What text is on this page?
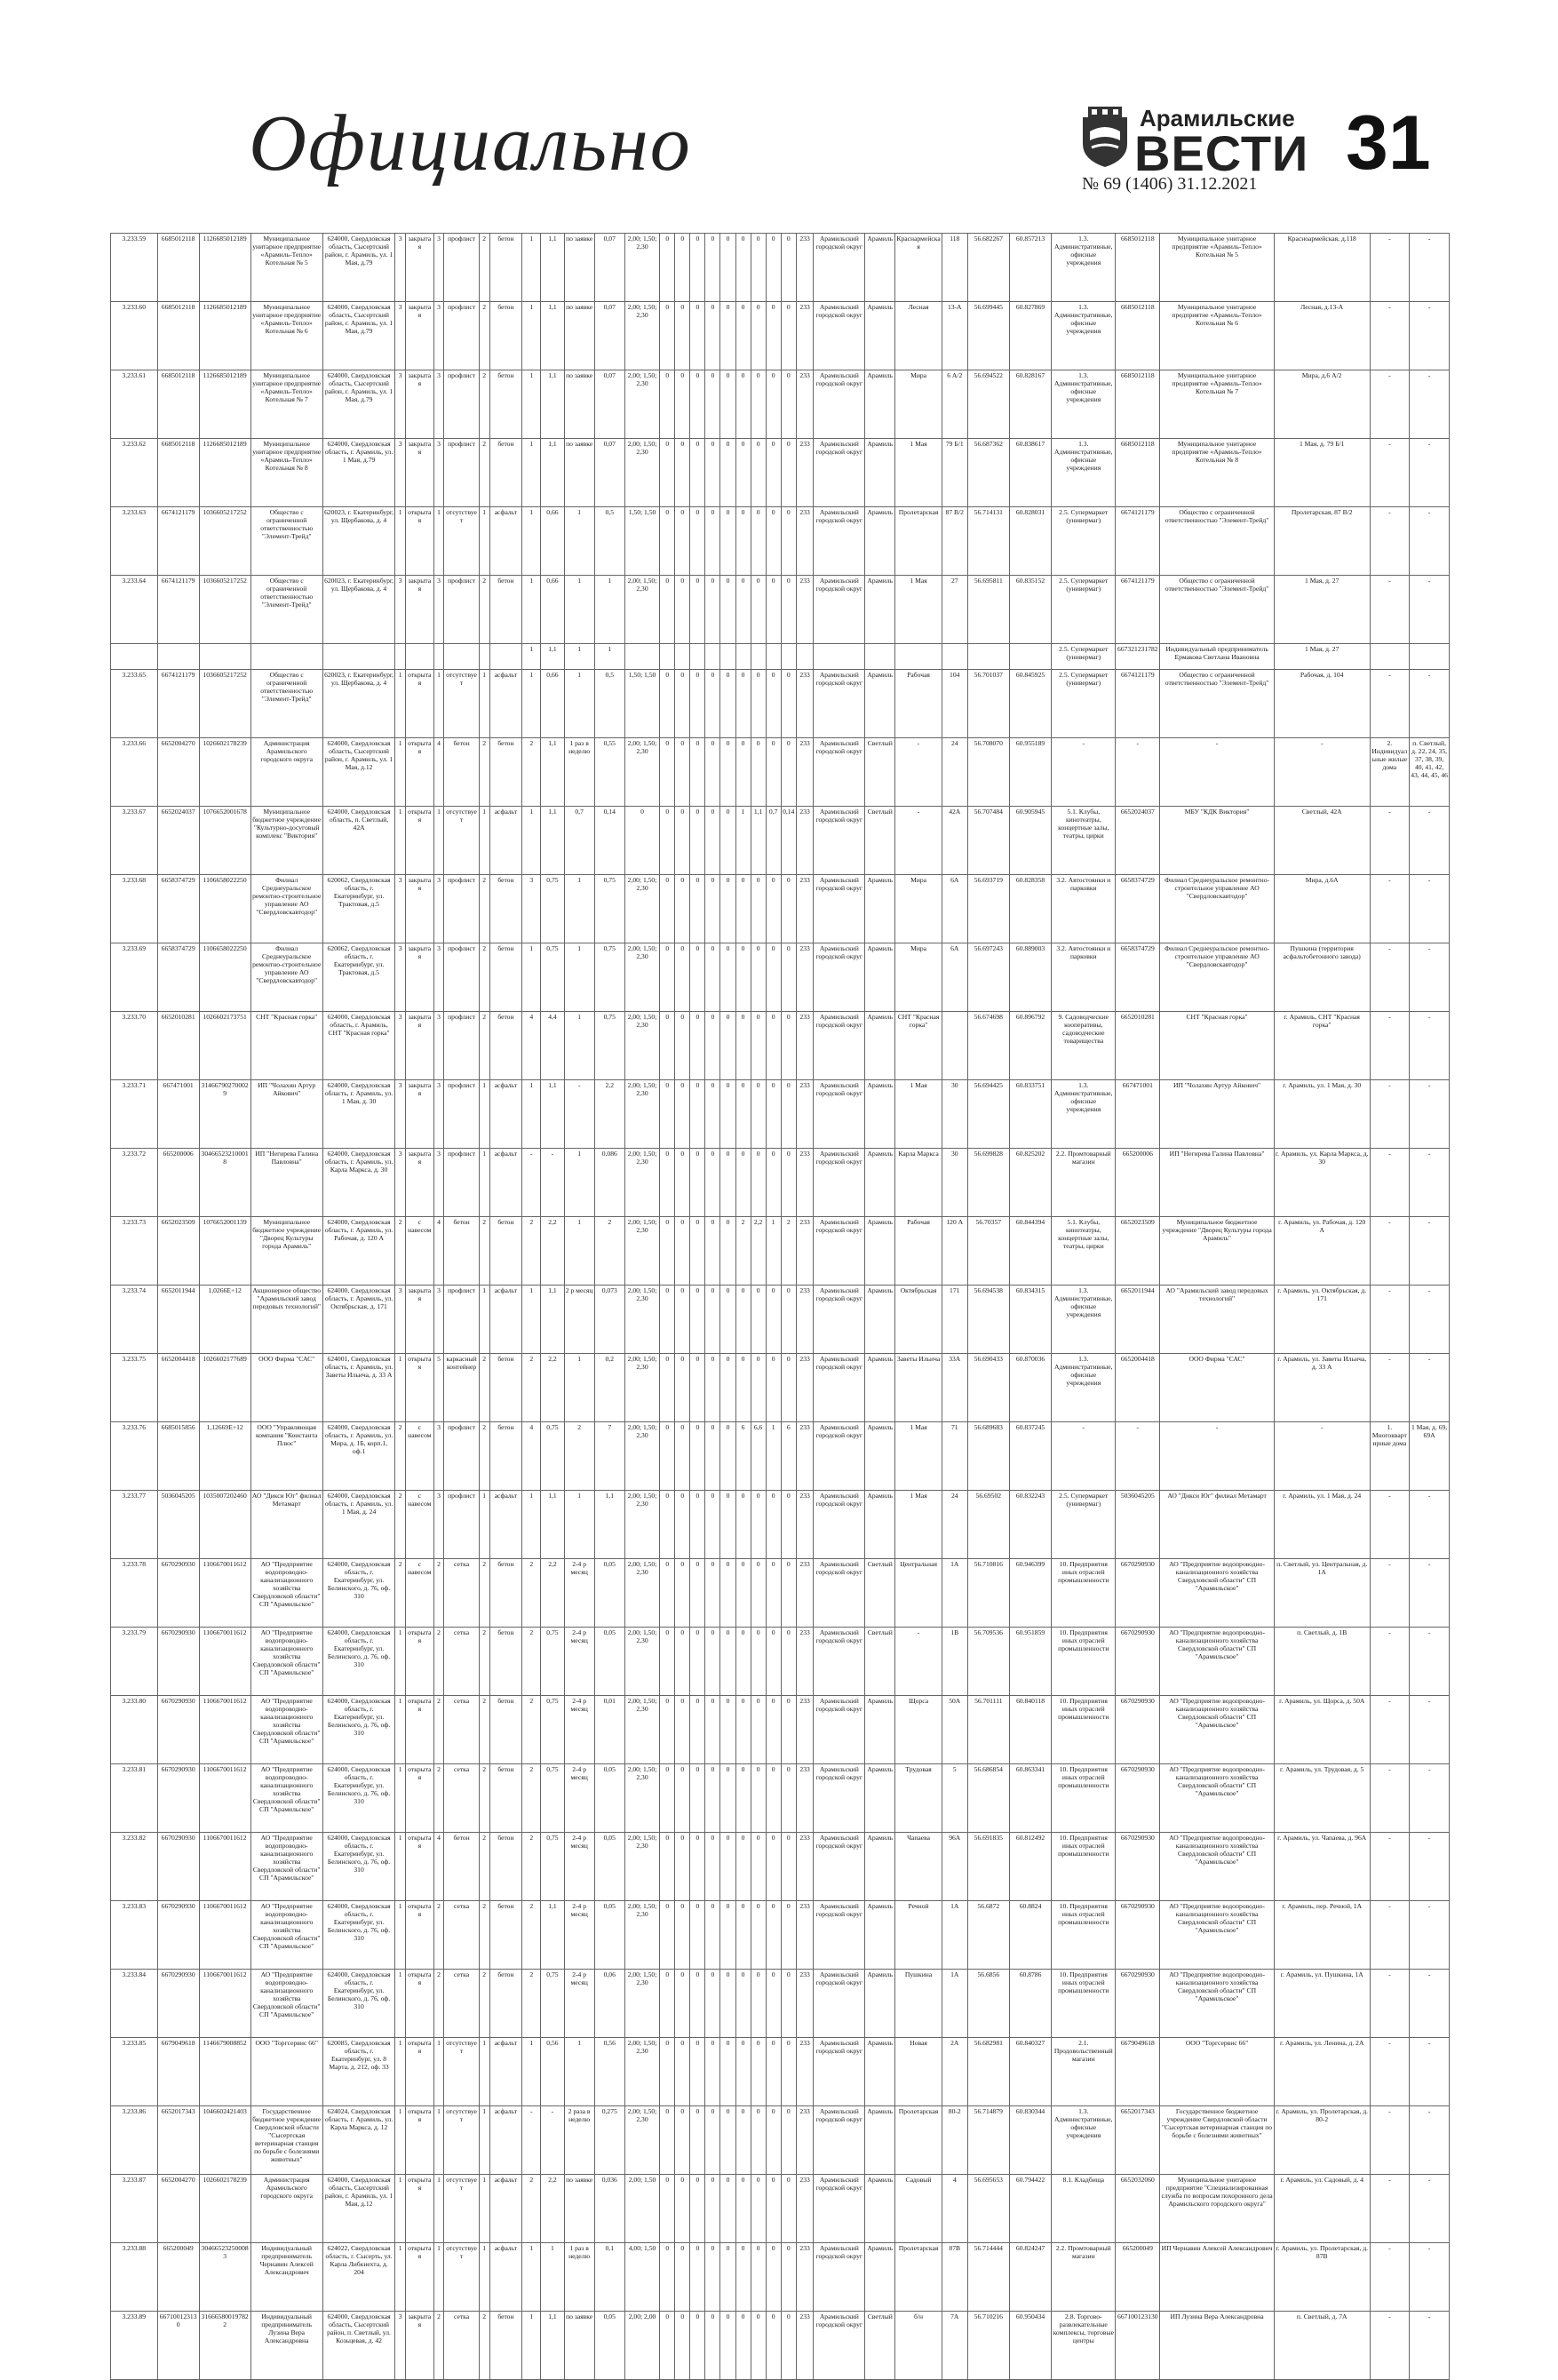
Официально	Арамильские
ВЕСТИ 31
№ 69 (1406) 31.12.2021
3.233.59	6685012118	1126685012189	Муниципальное унитарное предприятие «Арамиль-Тепло» Котельная № 5	624000, Свердловская область, Сысертский район, г. Арамиль, ул. 1 Мая, д.79	3	закрытая	3	профлист	2	бетон	1	1,1	по заявке	0,07	2,00; 1,50; 2,30	0	0	0	0	0	0	0	0	0	233	Арамильский городской округ	Арамиль	Краснармейская	118	56.682267	60.857213	1.3. Административные, офисные учреждения	6685012118	Муниципальное унитарное предприятие «Арамиль-Тепло» Котельная № 5	Красноармейская, д.118	-	-
3.233.60	6685012118	1126685012189	Муниципальное унитарное предприятие «Арамиль-Тепло» Котельная № 6	624000, Свердловская область, Сысертский район, г. Арамиль, ул. 1 Мая, д.79	3	закрытая	3	профлист	2	бетон	1	1,1	по заявке	0,07	2,00; 1,50; 2,30	0	0	0	0	0	0	0	0	0	233	Арамильский городской округ	Арамиль	Лесная	13-А	56.699445	60.827869	1.3. Административные, офисные учреждения	6685012118	Муниципальное унитарное предприятие «Арамиль-Тепло» Котельная № 6	Лесная, д.13-А	-	-
3.233.61	6685012118	1126685012189	Муниципальное унитарное предприятие «Арамиль-Тепло» Котельная № 7	624000, Свердловская область, Сысертский район, г. Арамиль, ул. 1 Мая, д.79	3	закрытая	3	профлист	2	бетон	1	1,1	по заявке	0,07	2,00; 1,50; 2,30	0	0	0	0	0	0	0	0	0	233	Арамильский городской округ	Арамиль	Мира	6 А/2	56.694522	60.828167	1.3. Административные, офисные учреждения	6685012118	Муниципальное унитарное предприятие «Арамиль-Тепло» Котельная № 7	Мира, д.6 А/2	-	-
3.233.62	6685012118	1126685012189	Муниципальное унитарное предприятие «Арамиль-Тепло» Котельная № 8	624000, Свердловская область, г. Арамиль, ул. 1 Мая, д.79	3	закрытая	3	профлист	2	бетон	1	1,1	по заявке	0,07	2,00; 1,50; 2,30	0	0	0	0	0	0	0	0	0	233	Арамильский городской округ	Арамиль	1 Мая	79 Б/1	56.687362	60.838617	1.3. Административные, офисные учреждения	6685012118	Муниципальное унитарное предприятие «Арамиль-Тепло» Котельная № 8	1 Мая, д. 79 Б/1	-	-
3.233.63	6674121179	1036605217252	Общество с ограниченной ответственностью "Элемент-Трейд"	620023, г. Екатеринбург, ул. Щербакова, д. 4	1	открытая	1	отсутствует	1	асфальт	1	0,66	1	0,5	1,50; 1,50	0	0	0	0	0	0	0	0	0	233	Арамильский городской округ	Арамиль	Пролетарская	87 В/2	56.714131	60.828031	2.5. Супермаркет (универмаг)	6674121179	Общество с ограниченной ответственностью "Элемент-Трейд"	Пролетарская, 87 В/2	-	-
3.233.64	6674121179	1036605217252	Общество с ограниченной ответственностью "Элемент-Трейд"	620023, г. Екатеринбург, ул. Щербакова, д. 4	3	закрытая	3	профлист	2	бетон	1	0,66	1	1	2,00; 1,50; 2,30	0	0	0	0	0	0	0	0	0	233	Арамильский городской округ	Арамиль	1 Мая	27	56.695811	60.835152	2.5. Супермаркет (универмаг)	6674121179	Общество с ограниченной ответственностью "Элемент-Трейд"	1 Мая, д. 27	-	-
											1	1,1	1	1																		2.5. Супермаркет (универмаг)	667321231782	Индивидуальный предприниматель Ермакова Светлана Ивановна	1 Мая, д. 27		
3.233.65	6674121179	1036605217252	Общество с ограниченной ответственностью "Элемент-Трейд"	620023, г. Екатеринбург, ул. Щербакова, д. 4	1	открытая	1	отсутствует	1	асфальт	1	0,66	1	0,5	1,50; 1,50	0	0	0	0	0	0	0	0	0	233	Арамильский городской округ	Арамиль	Рабочая	104	56.701037	60.845925	2.5. Супермаркет (универмаг)	6674121179	Общество с ограниченной ответственностью "Элемент-Трейд"	Рабочая, д. 104	-	-
3.233.66	6652004270	1026602178239	Администрация Арамильского городского округа	624000, Свердловская область, Сысертский район, г. Арамиль, ул. 1 Мая, д.12	1	открытая	4	бетон	2	бетон	2	1,1	1 раз в неделю	0,55	2,00; 1,50; 2,30	0	0	0	0	0	0	0	0	0	233	Арамильский городской округ	Светлый	-	24	56.708070	60.955189	-	-	-	-	2. Индивидуальные жилые дома	п. Светлый, д. 22, 24, 35, 37, 38, 39, 40, 41, 42, 43, 44, 45, 46
3.233.67	6652024037	1076652001678	Муниципальное бюджетное учреждение "Культурно-досуговый комплекс "Виктория"	624000, Свердловская область, п. Светлый, 42А	1	открытая	1	отсутствует	1	асфальт	1	1,1	0,7	0,14	0	0	0	0	0	0	1	1,1	0,7	0,14	233	Арамильский городской округ	Светлый	-	42А	56.707484	60.905945	5.1. Клубы, кинотеатры, концертные залы, театры, цирки	6652024037	МБУ "КДК Виктория"	Светлый, 42А	-	-
3.233.68	6658374729	1106658022250	Филиал Среднеуральское ремонтно-строительное управление АО "Свердловскавтодор"	620062, Свердловская область, г. Екатеринбург, ул. Трактовая, д.5	3	закрытая	3	профлист	2	бетон	3	0,75	1	0,75	2,00; 1,50; 2,30	0	0	0	0	0	0	0	0	0	233	Арамильский городской округ	Арамиль	Мира	6А	56.693719	60.828358	3.2. Автостоянки и парковки	6658374729	Филиал Среднеуральское ремонтно-строительное управление АО "Свердловскавтодор"	Мира, д.6А	-	-
3.233.69	6658374729	1106658022250	Филиал Среднеуральское ремонтно-строительное управление АО "Свердловскавтодор"	620062, Свердловская область, г. Екатеринбург, ул. Трактовая, д.5	3	закрытая	3	профлист	2	бетон	1	0,75	1	0,75	2,00; 1,50; 2,30	0	0	0	0	0	0	0	0	0	233	Арамильский городской округ	Арамиль	Мира	6А	56.697243	60.889003	3.2. Автостоянки и парковки	6658374729	Филиал Среднеуральское ремонтно-строительное управление АО "Свердловскавтодор"	Пушкина (территория асфальтобетонного завода)	-	-
3.233.70	6652010281	1026602173751	СНТ "Красная горка"	624000, Свердловская область, г. Арамиль, СНТ "Красная горка"	3	закрытая	3	профлист	2	бетон	4	4,4	1	0,75	2,00; 1,50; 2,30	0	0	0	0	0	0	0	0	0	233	Арамильский городской округ	Арамиль	СНТ "Красная горка"		56.674698	60.896792	9. Садоводческие кооперативы, садоводческие товарищества	6652010281	СНТ "Красная горка"	г. Арамиль, СНТ "Красная горка"	-	-
3.233.71	667471001	314667902700029	ИП "Чолахян Артур Айкович"	624000, Свердловская область, г. Арамиль, ул. 1 Мая, д. 30	3	закрытая	3	профлист	1	асфальт	1	1,1	-	2,2	2,00; 1,50; 2,30	0	0	0	0	0	0	0	0	0	233	Арамильский городской округ	Арамиль	1 Мая	30	56.694425	60.833751	1.3. Административные, офисные учреждения	667471001	ИП "Чолахян Артур Айкович"	г. Арамиль, ул. 1 Мая, д. 30	-	-
3.233.72	665200006	304665232100018	ИП "Негирева Галина Павловна"	624000, Свердловская область, г. Арамиль, ул. Карла Маркса, д. 30	3	закрытая	3	профлист	1	асфальт	-	-	1	0,086	2,00; 1,50; 2,30	0	0	0	0	0	0	0	0	0	233	Арамильский городской округ	Арамиль	Карла Маркса	30	56.699828	60.825202	2.2. Промтоварный магазин	665200006	ИП "Негирева Галина Павловна"	г. Арамиль, ул. Карла Маркса, д. 30	-	-
3.233.73	6652023509	1076652001139	Муниципальное бюджетное учреждение "Дворец Культуры города Арамиль"	624000, Свердловская область, г. Арамиль, ул. Рабочая, д. 120 А	2	с навесом	4	бетон	2	бетон	2	2,2	1	2	2,00; 1,50; 2,30	0	0	0	0	0	2	2,2	1	2	233	Арамильский городской округ	Арамиль	Рабочая	120 А	56.70357	60.844394	5.1. Клубы, кинотеатры, концертные залы, театры, цирки	6652023509	Муниципальное бюджетное учреждение "Дворец Культуры города Арамиль"	г. Арамиль, ул. Рабочая, д. 120 А	-	-
3.233.74	6652011944	1,0266E+12	Акционерное общество "Арамильский завод передовых технологий"	624000, Свердловская область, г. Арамиль, ул. Октябрьская, д. 171	3	закрытая	3	профлист	1	асфальт	1	1,1	2 р месяц	0,073	2,00; 1,50; 2,30	0	0	0	0	0	0	0	0	0	233	Арамильский городской округ	Арамиль	Октябрьская	171	56.694538	60.834315	1.3. Административные, офисные учреждения	6652011944	АО "Арамильский завод передовых технологий"	г. Арамиль, ул. Октябрьская, д. 171	-	-
3.233.75	6652004418	1026602177689	ООО Фирма "САС"	624001, Свердловская область, г. Арамиль, ул. Заветы Ильича, д. 33 А	1	открытая	5	каркасный контейнер	2	бетон	2	2,2	1	0,2	2,00; 1,50; 2,30	0	0	0	0	0	0	0	0	0	233	Арамильский городской округ	Арамиль	Заветы Ильича	33А	56.690433	60.870036	1.3. Административные, офисные учреждения	6652004418	ООО Фирма "САС"	г. Арамиль, ул. Заветы Ильича, д. 33 А	-	-
3.233.76	6685015856	1,12669E+12	ООО "Управляющая компания "Константа Плюс"	624000, Свердловская область, г. Арамиль, ул. Мира, д. 1Б, корп.1, оф.1	2	с навесом	3	профлист	2	бетон	4	0,75	2	7	2,00; 1,50; 2,30	0	0	0	0	0	6	6,6	1	6	233	Арамильский городской округ	Арамиль	1 Мая	71	56.689683	60.837245	-	-	-	-	1. Многоквартирные дома	1 Мая, д. 69, 69А
3.233.77	5036045205	1035007202460	АО "Дикси Юг" филиал Метамарт	624000, Свердловская область, г. Арамиль, ул. 1 Мая, д. 24	2	с навесом	3	профлист	1	асфальт	1	1,1	1	1,1	2,00; 1,50; 2,30	0	0	0	0	0	0	0	0	0	233	Арамильский городской округ	Арамиль	1 Мая	24	56.69502	60.832243	2.5. Супермаркет (универмаг)	5036045205	АО "Дикси Юг" филиал Метамарт	г. Арамиль, ул. 1 Мая, д. 24	-	-
3.233.78	6670290930	1106670011612	АО "Предприятие водопроводно-канализационного хозяйства Свердловской области" СП "Арамильское"	624000, Свердловская область, г. Екатеринбург, ул. Белинского, д. 76, оф. 310	2	с навесом	2	сетка	2	бетон	2	2,2	2-4 р месяц	0,05	2,00; 1,50; 2,30	0	0	0	0	0	0	0	0	0	233	Арамильский городской округ	Светлый	Центральная	1А	56.710816	60.946399	10. Предприятия иных отраслей промышленности	6670290930	АО "Предприятие водопроводно-канализационного хозяйства Свердловской области" СП "Арамильское"	п. Светлый, ул. Центральная, д. 1А	-	-
3.233.79	6670290930	1106670011612	АО "Предприятие водопроводно-канализационного хозяйства Свердловской области" СП "Арамильское"	624000, Свердловская область, г. Екатеринбург, ул. Белинского, д. 76, оф. 310	1	открытая	2	сетка	2	бетон	2	0,75	2-4 р месяц	0,05	2,00; 1,50; 2,30	0	0	0	0	0	0	0	0	0	233	Арамильский городской округ	Светлый	-	1В	56.709536	60.951859	10. Предприятия иных отраслей промышленности	6670290930	АО "Предприятие водопроводно-канализационного хозяйства Свердловской области" СП "Арамильское"	п. Светлый, д. 1В	-	-
3.233.80	6670290930	1106670011612	АО "Предприятие водопроводно-канализационного хозяйства Свердловской области" СП "Арамильское"	624000, Свердловская область, г. Екатеринбург, ул. Белинского, д. 76, оф. 310	1	открытая	2	сетка	2	бетон	2	0,75	2-4 р месяц	0,01	2,00; 1,50; 2,30	0	0	0	0	0	0	0	0	0	233	Арамильский городской округ	Арамиль	Щорса	50А	56.701111	60.840118	10. Предприятия иных отраслей промышленности	6670290930	АО "Предприятие водопроводно-канализационного хозяйства Свердловской области" СП "Арамильское"	г. Арамиль, ул. Щорса, д. 50А	-	-
3.233.81	6670290930	1106670011612	АО "Предприятие водопроводно-канализационного хозяйства Свердловской области" СП "Арамильское"	624000, Свердловская область, г. Екатеринбург, ул. Белинского, д. 76, оф. 310	1	открытая	2	сетка	2	бетон	2	0,75	2-4 р месяц	0,05	2,00; 1,50; 2,30	0	0	0	0	0	0	0	0	0	233	Арамильский городской округ	Арамиль	Трудовая	5	56.686854	60.863341	10. Предприятия иных отраслей промышленности	6670290930	АО "Предприятие водопроводно-канализационного хозяйства Свердловской области" СП "Арамильское"	г. Арамиль, ул. Трудовая, д. 5	-	-
3.233.82	6670290930	1106670011612	АО "Предприятие водопроводно-канализационного хозяйства Свердловской области" СП "Арамильское"	624000, Свердловская область, г. Екатеринбург, ул. Белинского, д. 76, оф. 310	1	открытая	4	бетон	2	бетон	2	0,75	2-4 р месяц	0,05	2,00; 1,50; 2,30	0	0	0	0	0	0	0	0	0	233	Арамильский городской округ	Арамиль	Чапаева	96А	56.691835	60.812492	10. Предприятия иных отраслей промышленности	6670290930	АО "Предприятие водопроводно-канализационного хозяйства Свердловской области" СП "Арамильское"	г. Арамиль, ул. Чапаева, д. 96А	-	-
3.233.83	6670290930	1106670011612	АО "Предприятие водопроводно-канализационного хозяйства Свердловской области" СП "Арамильское"	624000, Свердловская область, г. Екатеринбург, ул. Белинского, д. 76, оф. 310	1	открытая	2	сетка	2	бетон	2	1,1	2-4 р месяц	0,05	2,00; 1,50; 2,30	0	0	0	0	0	0	0	0	0	233	Арамильский городской округ	Арамиль	Речной	1А	56.6872	60.8824	10. Предприятия иных отраслей промышленности	6670290930	АО "Предприятие водопроводно-канализационного хозяйства Свердловской области" СП "Арамильское"	г. Арамиль, пер. Речной, 1А	-	-
3.233.84	6670290930	1106670011612	АО "Предприятие водопроводно-канализационного хозяйства Свердловской области" СП "Арамильское"	624000, Свердловская область, г. Екатеринбург, ул. Белинского, д. 76, оф. 310	1	открытая	2	сетка	2	бетон	2	0,75	2-4 р месяц	0,06	2,00; 1,50; 2,30	0	0	0	0	0	0	0	0	0	233	Арамильский городской округ	Арамиль	Пушкина	1А	56.6856	60.8786	10. Предприятия иных отраслей промышленности	6670290930	АО "Предприятие водопроводно-канализационного хозяйства Свердловской области" СП "Арамильское"	г. Арамиль, ул. Пушкина, 1А	-	-
3.233.85	6679049618	1146679008852	ООО "Торгсервис 66"	620085, Свердловская область, г. Екатеринбург, ул. 8 Марта, д. 212, оф. 33	1	открытая	1	отсутствует	1	асфальт	1	0,56	1	0,56	2,00; 1,50; 2,30	0	0	0	0	0	0	0	0	0	233	Арамильский городской округ	Арамиль	Новая	2А	56.682981	60.840327	2.1. Продовольственный магазин	6679049618	ООО "Торгсервис 66"	г. Арамиль, ул. Ленина, д. 2А	-	-
3.233.86	6652017343	1046602421403	Государственное бюджетное учреждение Свердловской области "Сысертская ветеринарная станция по борьбе с болезнями животных"	624024, Свердловская область, г. Арамиль, ул. Карла Маркса, д. 12	1	открытая	1	отсутствует	1	асфальт	-	-	2 раза в неделю	0,275	2,00; 1,50; 2,30	0	0	0	0	0	0	0	0	0	233	Арамильский городской округ	Арамиль	Пролетарская	80-2	56.714879	60.830344	1.3. Административные, офисные учреждения	6652017343	Государственное бюджетное учреждение Свердловской области "Сысертская ветеринарная станция по борьбе с болезнями животных"	г. Арамиль, ул. Пролетарская, д. 80-2	-	-
3.233.87	6652004270	1026602178239	Администрация Арамильского городского округа	624000, Свердловская область, Сысертский район, г. Арамиль, ул. 1 Мая, д.12	1	открытая	1	отсутствует	1	асфальт	2	2,2	по заявке	0,036	2,00; 1,50	0	0	0	0	0	0	0	0	0	233	Арамильский городской округ	Арамиль	Садовый	4	56.695653	60.794422	8.1. Кладбища	6652032060	Муниципальное унитарное предприятие "Специализированная служба по вопросам похоронного дела Арамильского городского округа"	г. Арамиль, ул. Садовый, д. 4	-	-
3.233.88	665200049	304665232500083	Индивидуальный предприниматель Чернавин Алексей Александрович	624022, Свердловская область, г. Сысерть, ул. Карла Либкнехта, д. 204	1	открытая	1	отсутствует	1	асфальт	1	1	1 раз в неделю	0,1	4,00; 1,50	0	0	0	0	0	0	0	0	0	233	Арамильский городской округ	Арамиль	Пролетарская	87В	56.714444	60.824247	2.2. Промтоварный магазин	665200049	ИП Чернавин Алексей Александрович	г. Арамиль, ул. Пролетарская, д. 87В	-	-
3.233.89	667100123130	316665800197822	Индивидуальный предприниматель Лузина Вера Александровна	624000, Свердловская область, Сысертский район, п. Светлый, ул. Козьцевая, д. 42	3	закрытая	2	сетка	2	бетон	1	1,1	по заявке	0,05	2,00; 2,00	0	0	0	0	0	0	0	0	0	233	Арамильский городской округ	Светлый	б/н	7А	56.710216	60.950434	2.8. Торгово-развлекательные комплексы, торговые центры	667100123130	ИП Лузина Вера Александровна	п. Светлый, д. 7А	-	-
